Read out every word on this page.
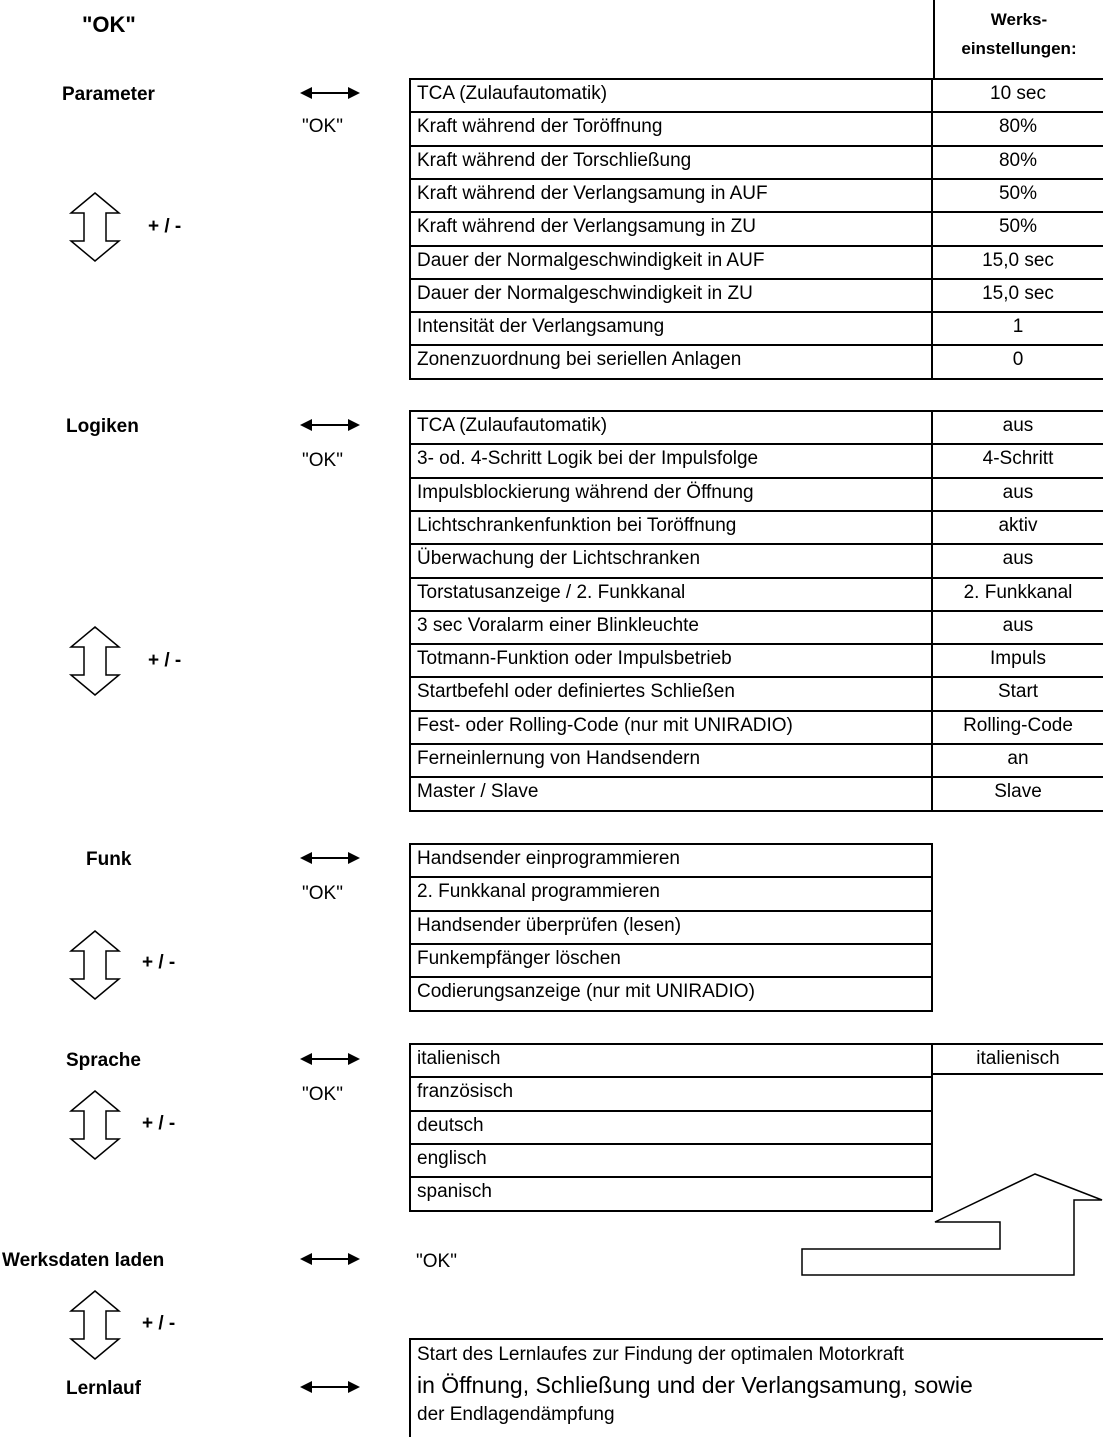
"OK"	Werks-
einstellungen:
Parameter
"OK"
+ / -
TCA (Zulaufautomatik)	10 sec
Kraft während der Toröffnung	80%
Kraft während der Torschließung	80%
Kraft während der Verlangsamung in AUF	50%
Kraft während der Verlangsamung in ZU	50%
Dauer der Normalgeschwindigkeit in AUF	15,0 sec
Dauer der Normalgeschwindigkeit in ZU	15,0 sec
Intensität der Verlangsamung	1
Zonenzuordnung bei seriellen Anlagen	0
Logiken
"OK"
+ / -
TCA (Zulaufautomatik)	aus
3- od. 4-Schritt Logik bei der Impulsfolge	4-Schritt
Impulsblockierung während der Öffnung	aus
Lichtschrankenfunktion bei Toröffnung	aktiv
Überwachung der Lichtschranken	aus
Torstatusanzeige / 2. Funkkanal	2. Funkkanal
3 sec Voralarm einer Blinkleuchte	aus
Totmann-Funktion oder Impulsbetrieb	Impuls
Startbefehl oder definiertes Schließen	Start
Fest- oder Rolling-Code (nur mit UNIRADIO)	Rolling-Code
Ferneinlernung von Handsendern	an
Master / Slave	Slave
Funk
"OK"
+ / -
Handsender einprogrammieren
2. Funkkanal programmieren
Handsender überprüfen (lesen)
Funkempfänger löschen
Codierungsanzeige (nur mit UNIRADIO)
Sprache
"OK"
+ / -
italienisch
französisch
deutsch
englisch
spanisch
italienisch
Werksdaten laden	"OK"
+ / -
Lernlauf
Start des Lernlaufes zur Findung der optimalen Motorkraft
in Öffnung, Schließung und der Verlangsamung, sowie
der Endlagendämpfung
